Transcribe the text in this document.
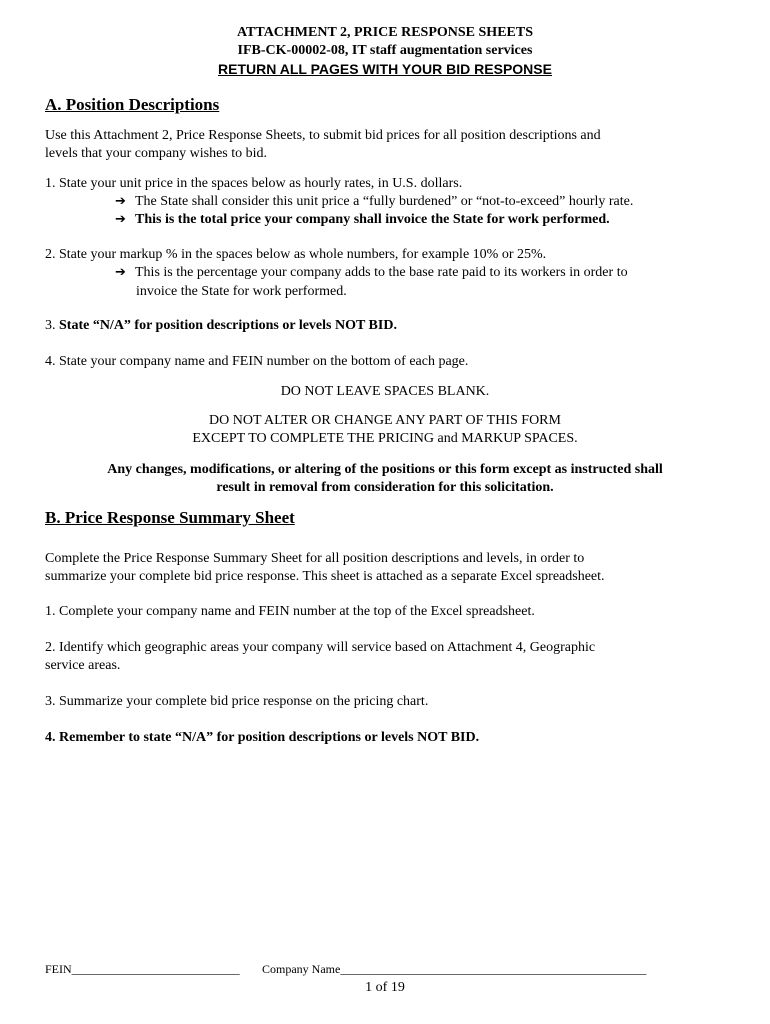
ATTACHMENT 2, PRICE RESPONSE SHEETS
IFB-CK-00002-08, IT staff augmentation services
RETURN ALL PAGES WITH YOUR BID RESPONSE
A. Position Descriptions
Use this Attachment 2, Price Response Sheets, to submit bid prices for all position descriptions and
levels that your company wishes to bid.
1. State your unit price in the spaces below as hourly rates, in U.S. dollars.
➔ The State shall consider this unit price a “fully burdened” or “not-to-exceed” hourly rate.
➔ This is the total price your company shall invoice the State for work performed.
2. State your markup % in the spaces below as whole numbers, for example 10% or 25%.
➔ This is the percentage your company adds to the base rate paid to its workers in order to
invoice the State for work performed.
3. State “N/A” for position descriptions or levels NOT BID.
4. State your company name and FEIN number on the bottom of each page.
DO NOT LEAVE SPACES BLANK.
DO NOT ALTER OR CHANGE ANY PART OF THIS FORM
EXCEPT TO COMPLETE THE PRICING and MARKUP SPACES.
Any changes, modifications, or altering of the positions or this form except as instructed shall
result in removal from consideration for this solicitation.
B. Price Response Summary Sheet
Complete the Price Response Summary Sheet for all position descriptions and levels, in order to
summarize your complete bid price response. This sheet is attached as a separate Excel spreadsheet.
1. Complete your company name and FEIN number at the top of the Excel spreadsheet.
2. Identify which geographic areas your company will service based on Attachment 4, Geographic
service areas.
3. Summarize your complete bid price response on the pricing chart.
4. Remember to state “N/A” for position descriptions or levels NOT BID.
FEIN____________________________ Company Name___________________________________________________
1 of 19
